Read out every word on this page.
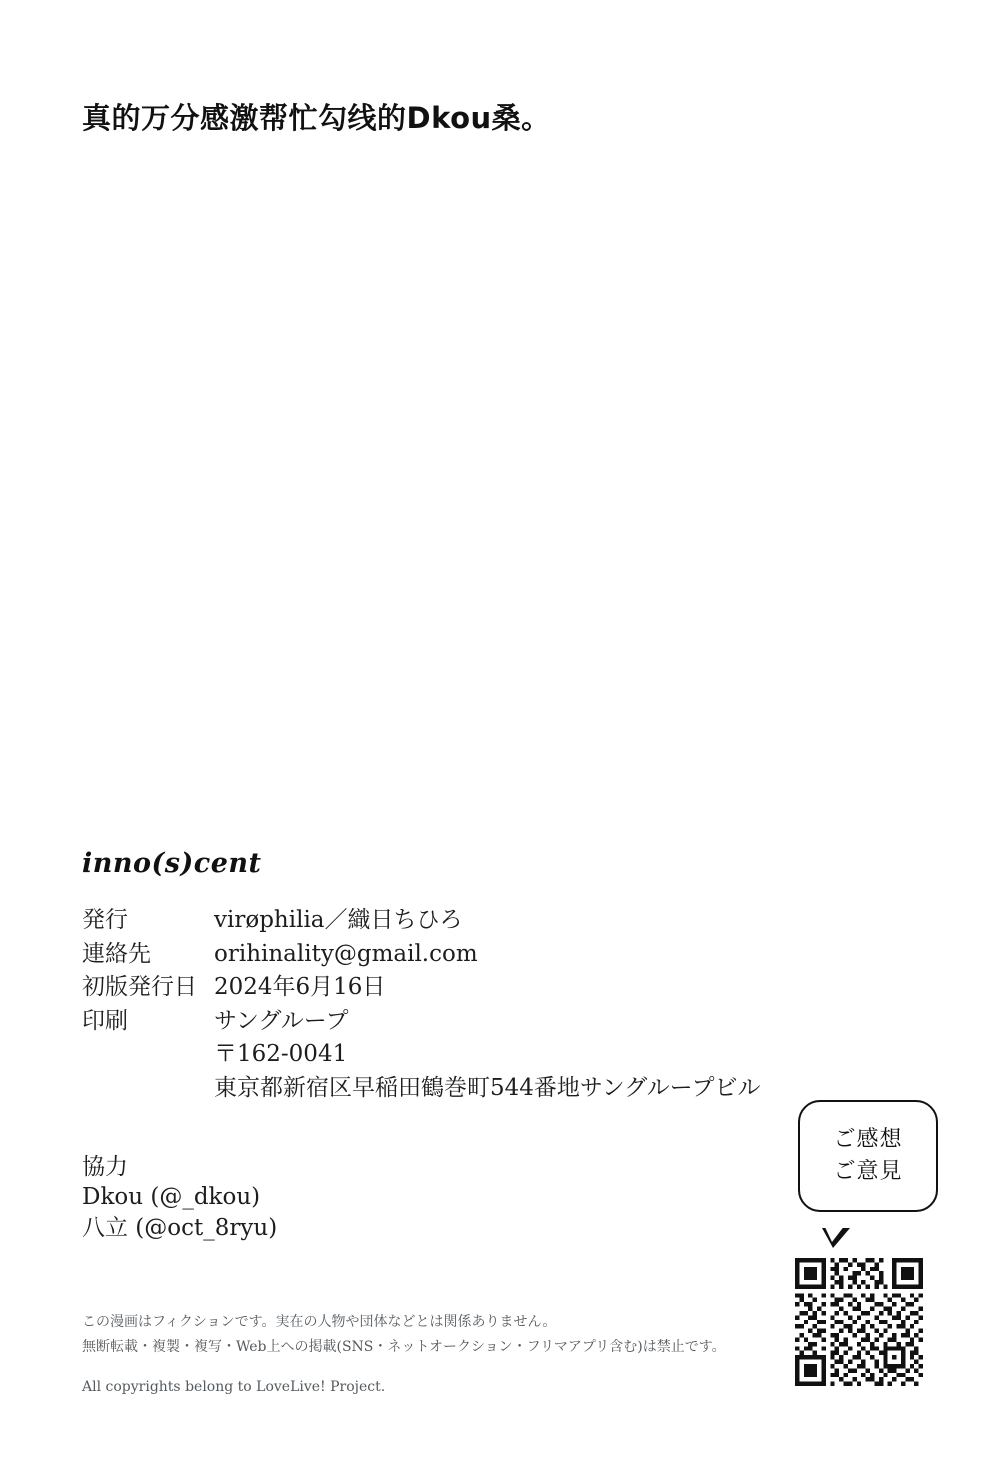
真的万分感激帮忙勾线的Dkou桑。
inno(s)cent
発行	virøphilia／織日ちひろ
連絡先	orihinality@gmail.com
初版発行日	2024年6月16日
印刷	サングループ
	〒162-0041
	東京都新宿区早稲田鶴巻町544番地サングループビル
協力
Dkou (@_dkou)
八立 (@oct_8ryu)
この漫画はフィクションです。実在の人物や団体などとは関係ありません。
無断転載・複製・複写・Web上への掲載(SNS・ネットオークション・フリマアプリ含む)は禁止です。
All copyrights belong to LoveLive! Project.
ご感想
ご意見
